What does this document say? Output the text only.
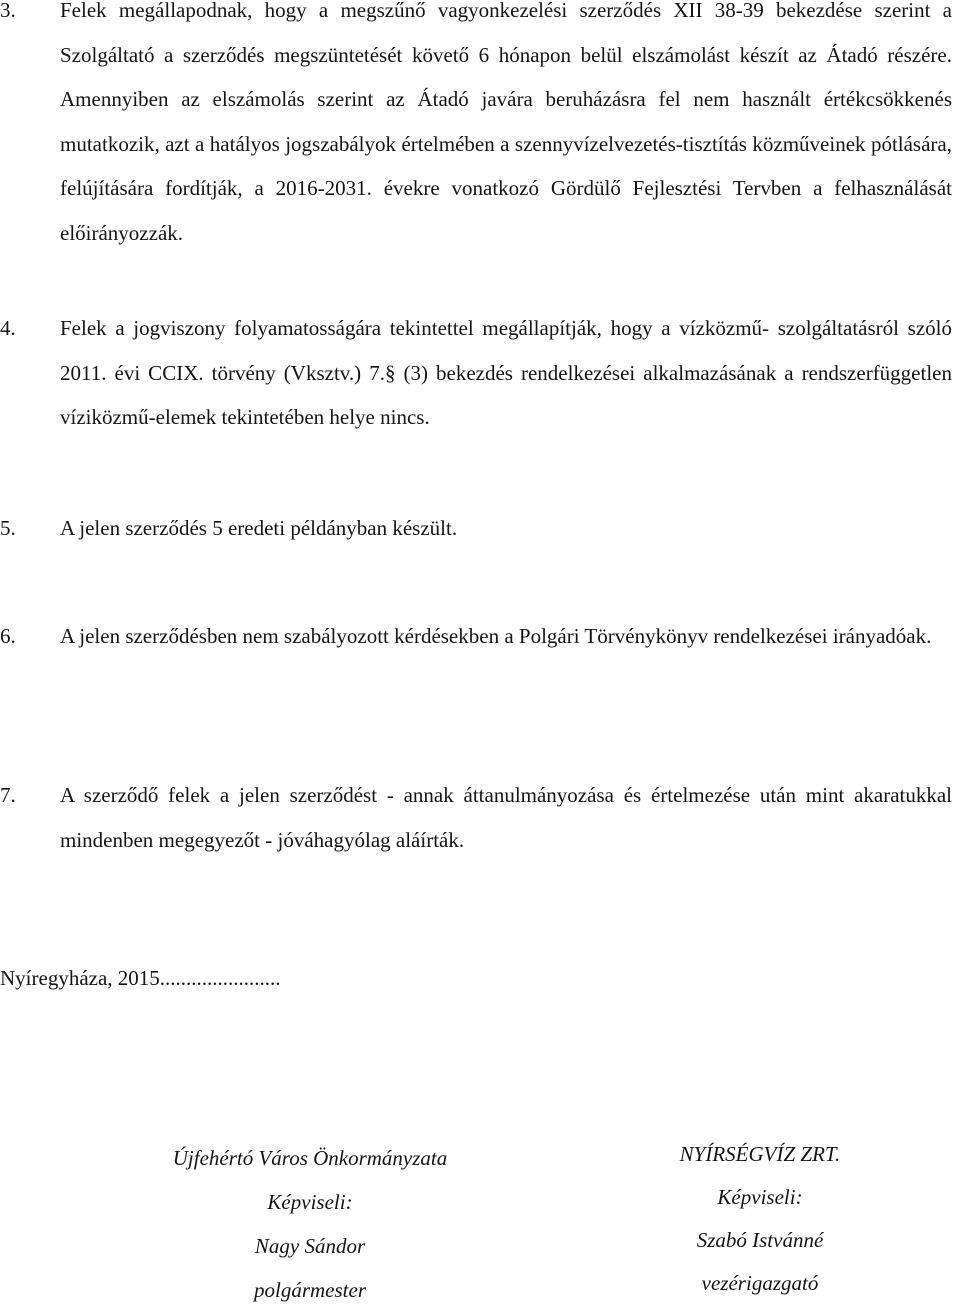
3. Felek megállapodnak, hogy a megszűnő vagyonkezelési szerződés XII 38-39 bekezdése szerint a Szolgáltató a szerződés megszüntetését követő 6 hónapon belül elszámolást készít az Átadó részére. Amennyiben az elszámolás szerint az Átadó javára beruházásra fel nem használt értékcsökkenés mutatkozik, azt a hatályos jogszabályok értelmében a szennyvízelvezetés-tisztítás közműveinek pótlására, felújítására fordítják, a 2016-2031. évekre vonatkozó Gördülő Fejlesztési Tervben a felhasználását előirányozzák.
4. Felek a jogviszony folyamatosságára tekintettel megállapítják, hogy a vízközmű- szolgáltatásról szóló 2011. évi CCIX. törvény (Vksztv.) 7.§ (3) bekezdés rendelkezései alkalmazásának a rendszerfüggetlen víziközmű-elemek tekintetében helye nincs.
5. A jelen szerződés 5 eredeti példányban készült.
6. A jelen szerződésben nem szabályozott kérdésekben a Polgári Törvénykönyv rendelkezései irányadóak.
7. A szerződő felek a jelen szerződést - annak áttanulmányozása és értelmezése után mint akaratukkal mindenben megegyezőt - jóváhagyólag aláírták.
Nyíregyháza, 2015.......................
Újfehértó Város Önkormányzata
Képviseli:
Nagy Sándor
polgármester
NYÍRSÉGVÍZ ZRT.
Képviseli:
Szabó Istvánné
vezérigazgató
